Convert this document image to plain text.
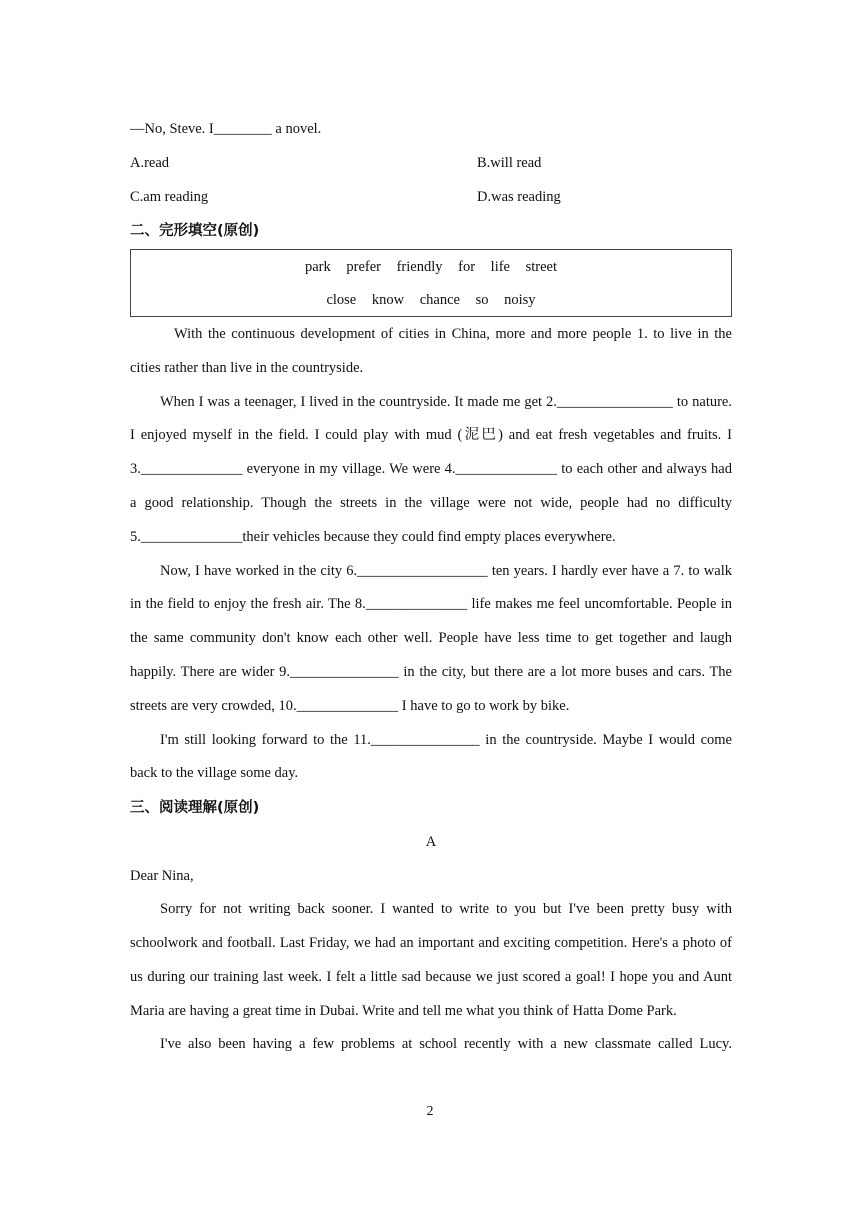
—No, Steve. I________ a novel.
A.read	B.will read
C.am reading	D.was reading
二、完形填空(原创)
park prefer friendly for life street
close know chance so noisy

With the continuous development of cities in China, more and more people 1. to live in the cities rather than live in the countryside.

When I was a teenager, I lived in the countryside. It made me get 2.________________ to nature. I enjoyed myself in the field. I could play with mud (泥巴) and eat fresh vegetables and fruits. I 3.______________ everyone in my village. We were 4.______________ to each other and always had a good relationship. Though the streets in the village were not wide, people had no difficulty 5.______________their vehicles because they could find empty places everywhere.

Now, I have worked in the city 6.__________________ ten years. I hardly ever have a 7. to walk in the field to enjoy the fresh air. The 8.______________ life makes me feel uncomfortable. People in the same community don't know each other well. People have less time to get together and laugh happily. There are wider 9._______________ in the city, but there are a lot more buses and cars. The streets are very crowded, 10.______________ I have to go to work by bike.

I'm still looking forward to the 11._______________ in the countryside. Maybe I would come back to the village some day.

三、阅读理解(原创)
A
Dear Nina,

Sorry for not writing back sooner. I wanted to write to you but I've been pretty busy with schoolwork and football. Last Friday, we had an important and exciting competition. Here's a photo of us during our training last week. I felt a little sad because we just scored a goal! I hope you and Aunt Maria are having a great time in Dubai. Write and tell me what you think of Hatta Dome Park.

I've also been having a few problems at school recently with a new classmate called Lucy.

2
